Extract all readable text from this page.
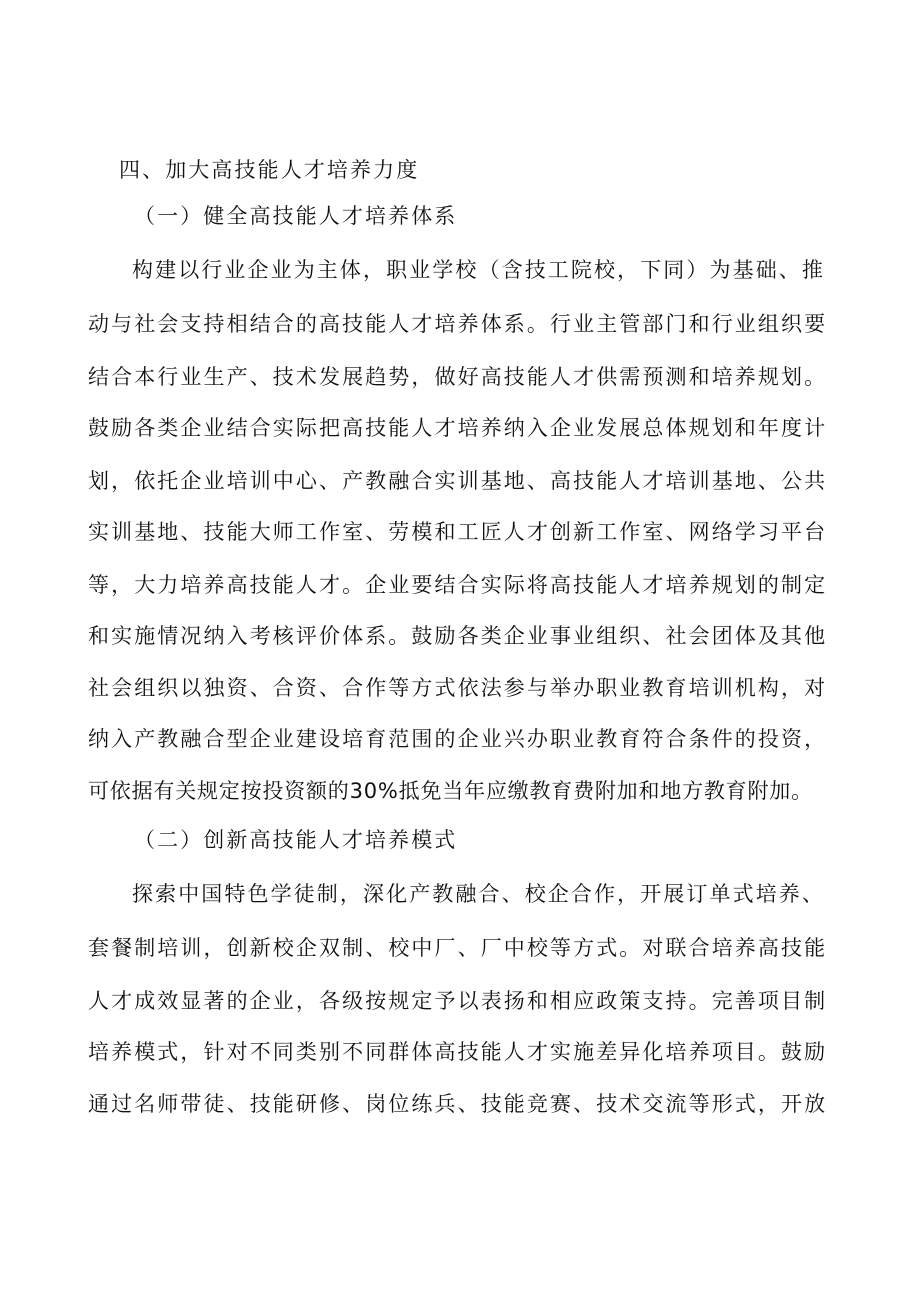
四、加大高技能人才培养力度
（一）健全高技能人才培养体系
构建以行业企业为主体，职业学校（含技工院校，下同）为基础、推
动与社会支持相结合的高技能人才培养体系。行业主管部门和行业组织要
结合本行业生产、技术发展趋势，做好高技能人才供需预测和培养规划。
鼓励各类企业结合实际把高技能人才培养纳入企业发展总体规划和年度计
划，依托企业培训中心、产教融合实训基地、高技能人才培训基地、公共
实训基地、技能大师工作室、劳模和工匠人才创新工作室、网络学习平台
等，大力培养高技能人才。企业要结合实际将高技能人才培养规划的制定
和实施情况纳入考核评价体系。鼓励各类企业事业组织、社会团体及其他
社会组织以独资、合资、合作等方式依法参与举办职业教育培训机构，对
纳入产教融合型企业建设培育范围的企业兴办职业教育符合条件的投资，
可依据有关规定按投资额的30%抵免当年应缴教育费附加和地方教育附加。
（二）创新高技能人才培养模式
探索中国特色学徒制，深化产教融合、校企合作，开展订单式培养、
套餐制培训，创新校企双制、校中厂、厂中校等方式。对联合培养高技能
人才成效显著的企业，各级按规定予以表扬和相应政策支持。完善项目制
培养模式，针对不同类别不同群体高技能人才实施差异化培养项目。鼓励
通过名师带徒、技能研修、岗位练兵、技能竞赛、技术交流等形式，开放
